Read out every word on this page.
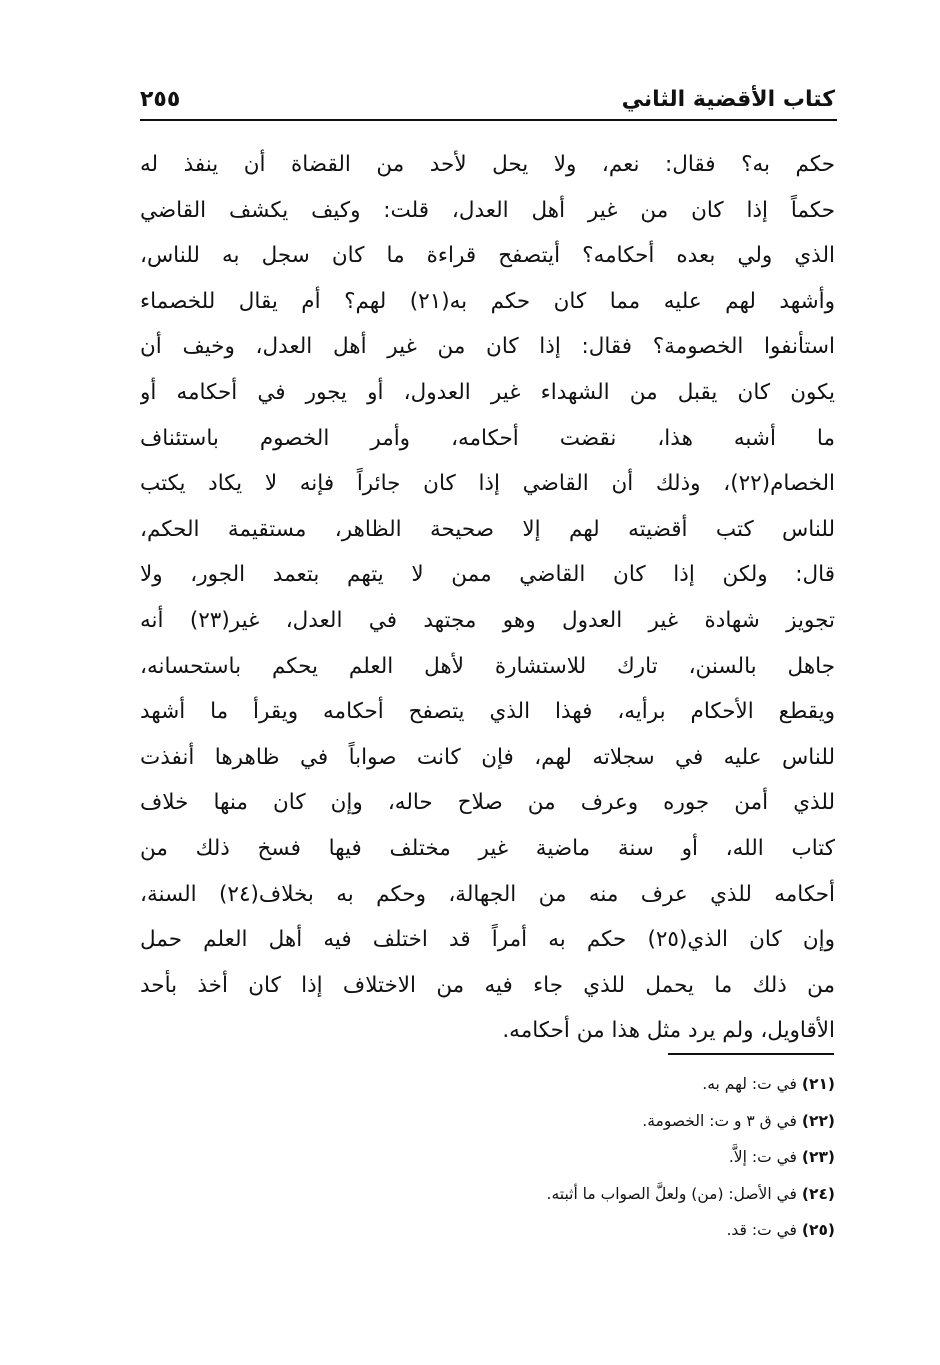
كتاب الأقضية الثاني
٢٥٥
حكم به؟ فقال: نعم، ولا يحل لأحد من القضاة أن ينفذ له
حكماً إذا كان من غير أهل العدل، قلت: وكيف يكشف القاضي
الذي ولي بعده أحكامه؟ أيتصفح قراءة ما كان سجل به للناس،
وأشهد لهم عليه مما كان حكم به(٢١) لهم؟ أم يقال للخصماء
استأنفوا الخصومة؟ فقال: إذا كان من غير أهل العدل، وخيف أن
يكون كان يقبل من الشهداء غير العدول، أو يجور في أحكامه أو
ما أشبه هذا، نقضت أحكامه، وأمر الخصوم باستئناف
الخصام(٢٢)، وذلك أن القاضي إذا كان جائراً فإنه لا يكاد يكتب
للناس كتب أقضيته لهم إلا صحيحة الظاهر، مستقيمة الحكم،
قال: ولكن إذا كان القاضي ممن لا يتهم بتعمد الجور، ولا
تجويز شهادة غير العدول وهو مجتهد في العدل، غير(٢٣) أنه
جاهل بالسنن، تارك للاستشارة لأهل العلم يحكم باستحسانه،
ويقطع الأحكام برأيه، فهذا الذي يتصفح أحكامه ويقرأ ما أشهد
للناس عليه في سجلاته لهم، فإن كانت صواباً في ظاهرها أنفذت
للذي أمن جوره وعرف من صلاح حاله، وإن كان منها خلاف
كتاب الله، أو سنة ماضية غير مختلف فيها فسخ ذلك من
أحكامه للذي عرف منه من الجهالة، وحكم به بخلاف(٢٤) السنة،
وإن كان الذي(٢٥) حكم به أمراً قد اختلف فيه أهل العلم حمل
من ذلك ما يحمل للذي جاء فيه من الاختلاف إذا كان أخذ بأحد
الأقاويل، ولم يرد مثل هذا من أحكامه.
(٢١) في ت: لهم به.
(٢٢) في ق ٣ و ت: الخصومة.
(٢٣) في ت: إلاَّ.
(٢٤) في الأصل: (من) ولعلَّ الصواب ما أثبته.
(٢٥) في ت: قد.
